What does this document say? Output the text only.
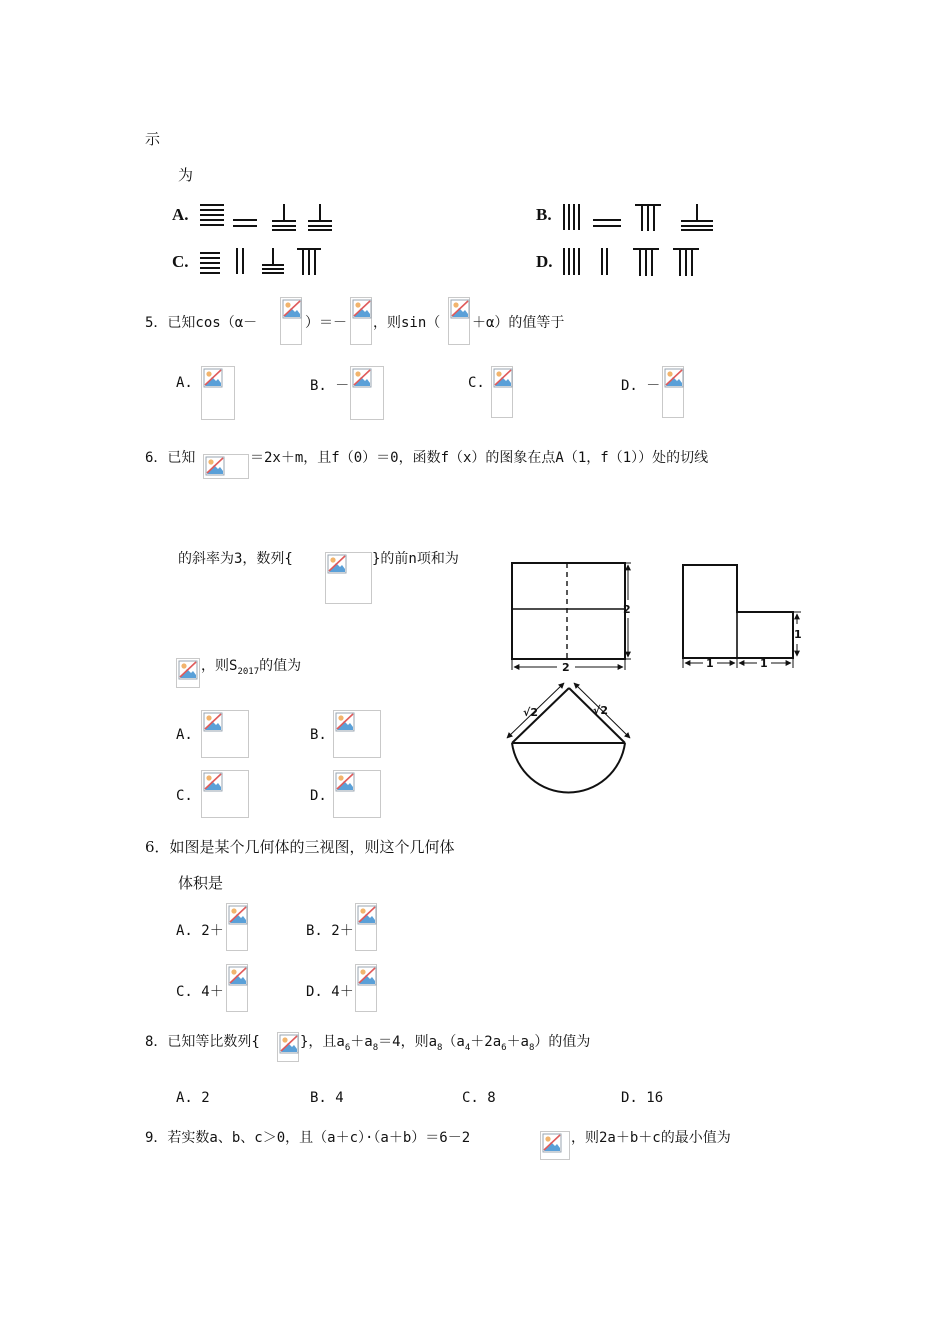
示
为
A.	B.
C.	D.
5．已知cos（α－	）＝－ ，则sin（ ＋α）的值等于
A.	B. －	C.	D. －
6．已知	＝2x＋m，且f（0）＝0，函数f（x）的图象在点A（1，f（1））处的切线
的斜率为3，数列{	}的前n项和为
，则$S_{2017}$的值为
A.	B.
C.	D.
2
2
1
1	1
√2	√2
6．如图是某个几何体的三视图，则这个几何体
体积是
A. 2＋	B. 2＋
C. 4＋	D. 4＋
8．已知等比数列{	}，且$a_6+a_8=4$，则$a_8(a_4+2a_6+a_8)$的值为
A. 2	B. 4	C. 8	D. 16
9．若实数a、b、c＞0，且（a＋c）·（a＋b）＝6－2	，则2a＋b＋c的最小值为
